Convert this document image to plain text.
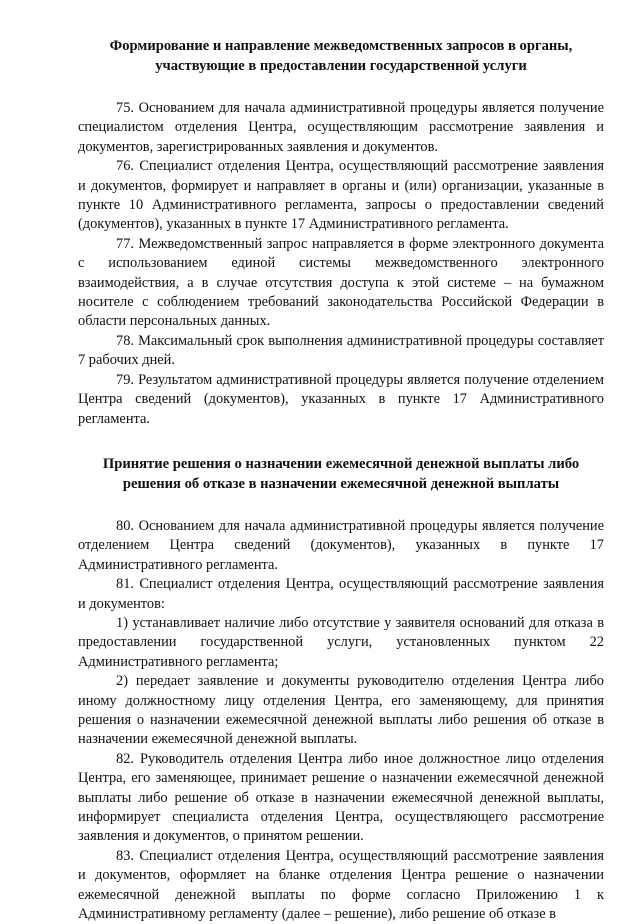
Формирование и направление межведомственных запросов в органы, участвующие в предоставлении государственной услуги

75. Основанием для начала административной процедуры является получение специалистом отделения Центра, осуществляющим рассмотрение заявления и документов, зарегистрированных заявления и документов.

76. Специалист отделения Центра, осуществляющий рассмотрение заявления и документов, формирует и направляет в органы и (или) организации, указанные в пункте 10 Административного регламента, запросы о предоставлении сведений (документов), указанных в пункте 17 Административного регламента.

77. Межведомственный запрос направляется в форме электронного документа с использованием единой системы межведомственного электронного взаимодействия, а в случае отсутствия доступа к этой системе – на бумажном носителе с соблюдением требований законодательства Российской Федерации в области персональных данных.

78. Максимальный срок выполнения административной процедуры составляет 7 рабочих дней.

79. Результатом административной процедуры является получение отделением Центра сведений (документов), указанных в пункте 17 Административного регламента.

Принятие решения о назначении ежемесячной денежной выплаты либо решения об отказе в назначении ежемесячной денежной выплаты

80. Основанием для начала административной процедуры является получение отделением Центра сведений (документов), указанных в пункте 17 Административного регламента.

81. Специалист отделения Центра, осуществляющий рассмотрение заявления и документов:

1) устанавливает наличие либо отсутствие у заявителя оснований для отказа в предоставлении государственной услуги, установленных пунктом 22 Административного регламента;

2) передает заявление и документы руководителю отделения Центра либо иному должностному лицу отделения Центра, его заменяющему, для принятия решения о назначении ежемесячной денежной выплаты либо решения об отказе в назначении ежемесячной денежной выплаты.

82. Руководитель отделения Центра либо иное должностное лицо отделения Центра, его заменяющее, принимает решение о назначении ежемесячной денежной выплаты либо решение об отказе в назначении ежемесячной денежной выплаты, информирует специалиста отделения Центра, осуществляющего рассмотрение заявления и документов, о принятом решении.

83. Специалист отделения Центра, осуществляющий рассмотрение заявления и документов, оформляет на бланке отделения Центра решение о назначении ежемесячной денежной выплаты по форме согласно Приложению 1 к Административному регламенту (далее – решение), либо решение об отказе в
